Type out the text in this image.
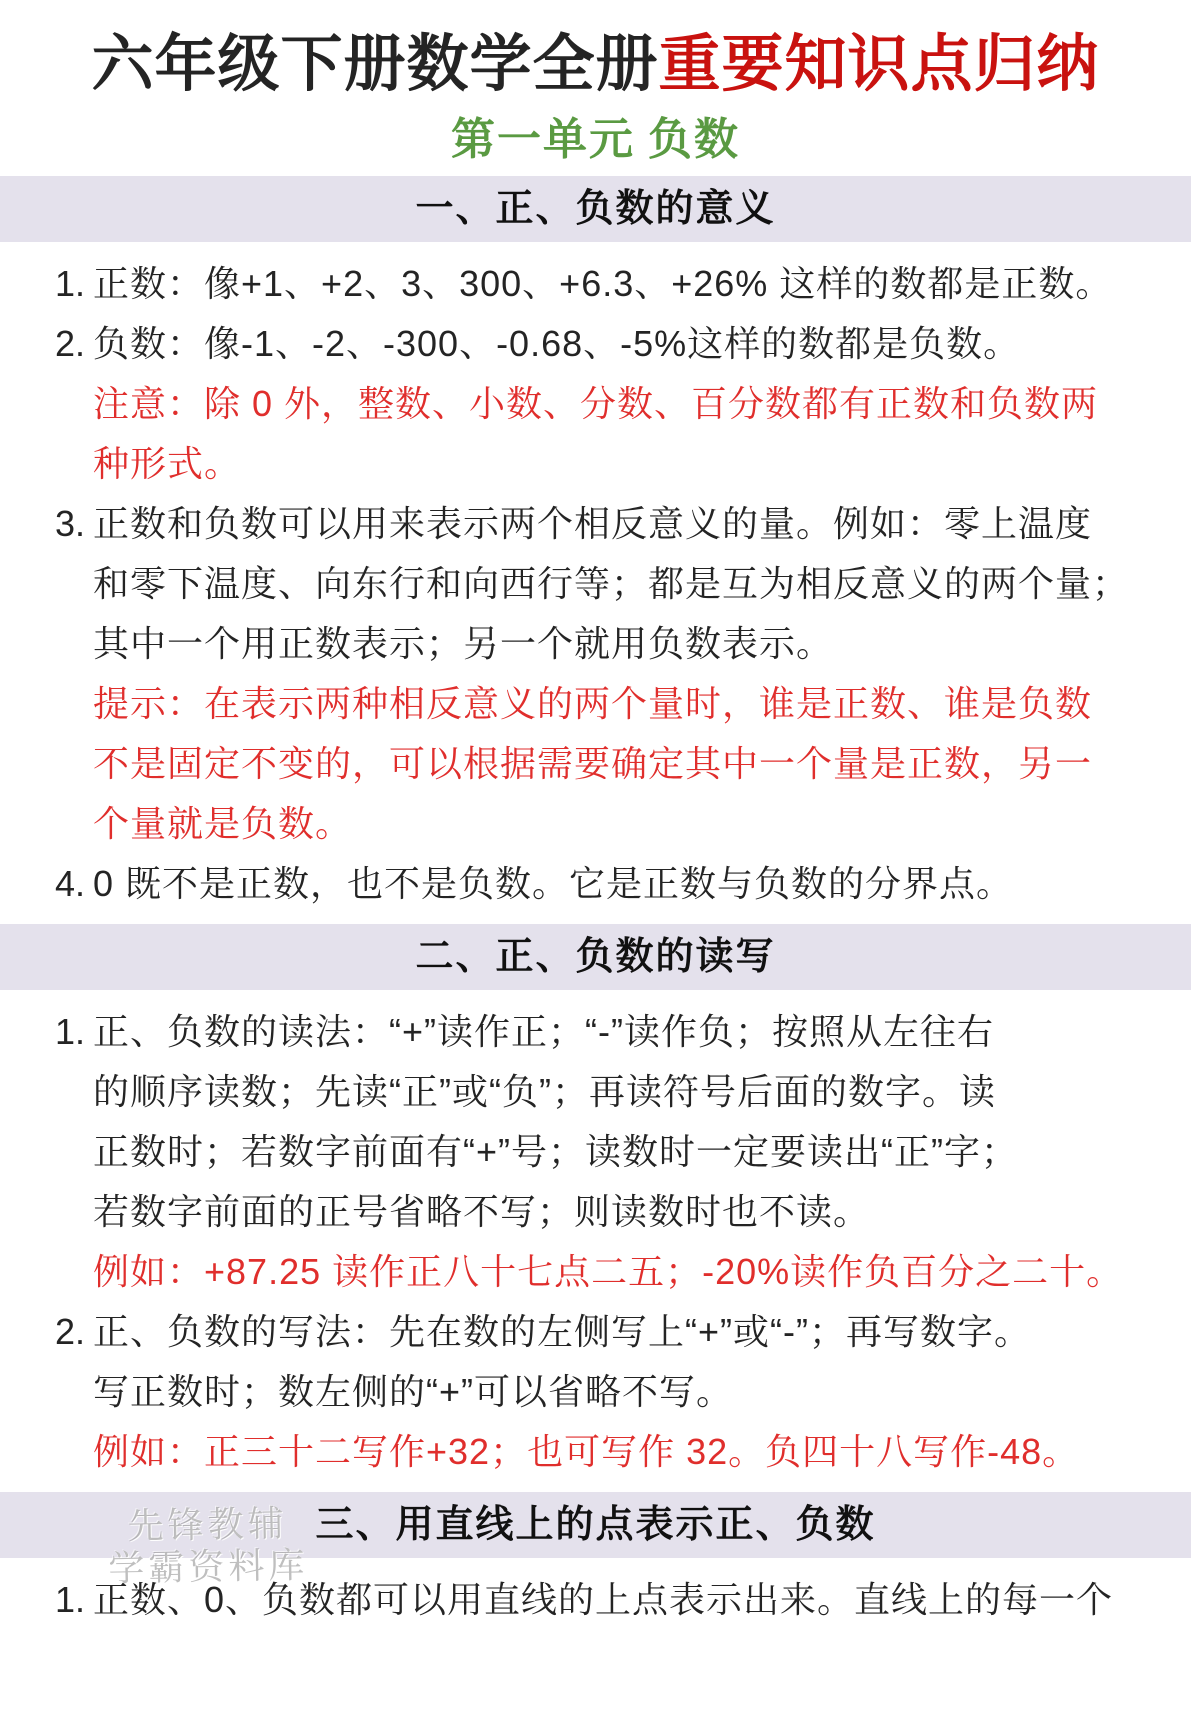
六年级下册数学全册重要知识点归纳
第一单元 负数
一、正、负数的意义
1. 正数：像+1、+2、3、300、+6.3、+26% 这样的数都是正数。
2. 负数：像-1、-2、-300、-0.68、-5%这样的数都是负数。
注意：除 0 外，整数、小数、分数、百分数都有正数和负数两
种形式。
3. 正数和负数可以用来表示两个相反意义的量。例如：零上温度
和零下温度、向东行和向西行等；都是互为相反意义的两个量；
其中一个用正数表示；另一个就用负数表示。
提示：在表示两种相反意义的两个量时，谁是正数、谁是负数
不是固定不变的，可以根据需要确定其中一个量是正数，另一
个量就是负数。
4. 0 既不是正数，也不是负数。它是正数与负数的分界点。
二、正、负数的读写
1. 正、负数的读法：“+”读作正；“-”读作负；按照从左往右
的顺序读数；先读“正”或“负”；再读符号后面的数字。读
正数时；若数字前面有“+”号；读数时一定要读出“正”字；
若数字前面的正号省略不写；则读数时也不读。
例如：+87.25 读作正八十七点二五；-20%读作负百分之二十。
2. 正、负数的写法：先在数的左侧写上“+”或“-”；再写数字。
写正数时；数左侧的“+”可以省略不写。
例如：正三十二写作+32；也可写作 32。负四十八写作-48。
三、用直线上的点表示正、负数
1. 正数、0、负数都可以用直线的上点表示出来。直线上的每一个
先锋教辅
学霸资料库
